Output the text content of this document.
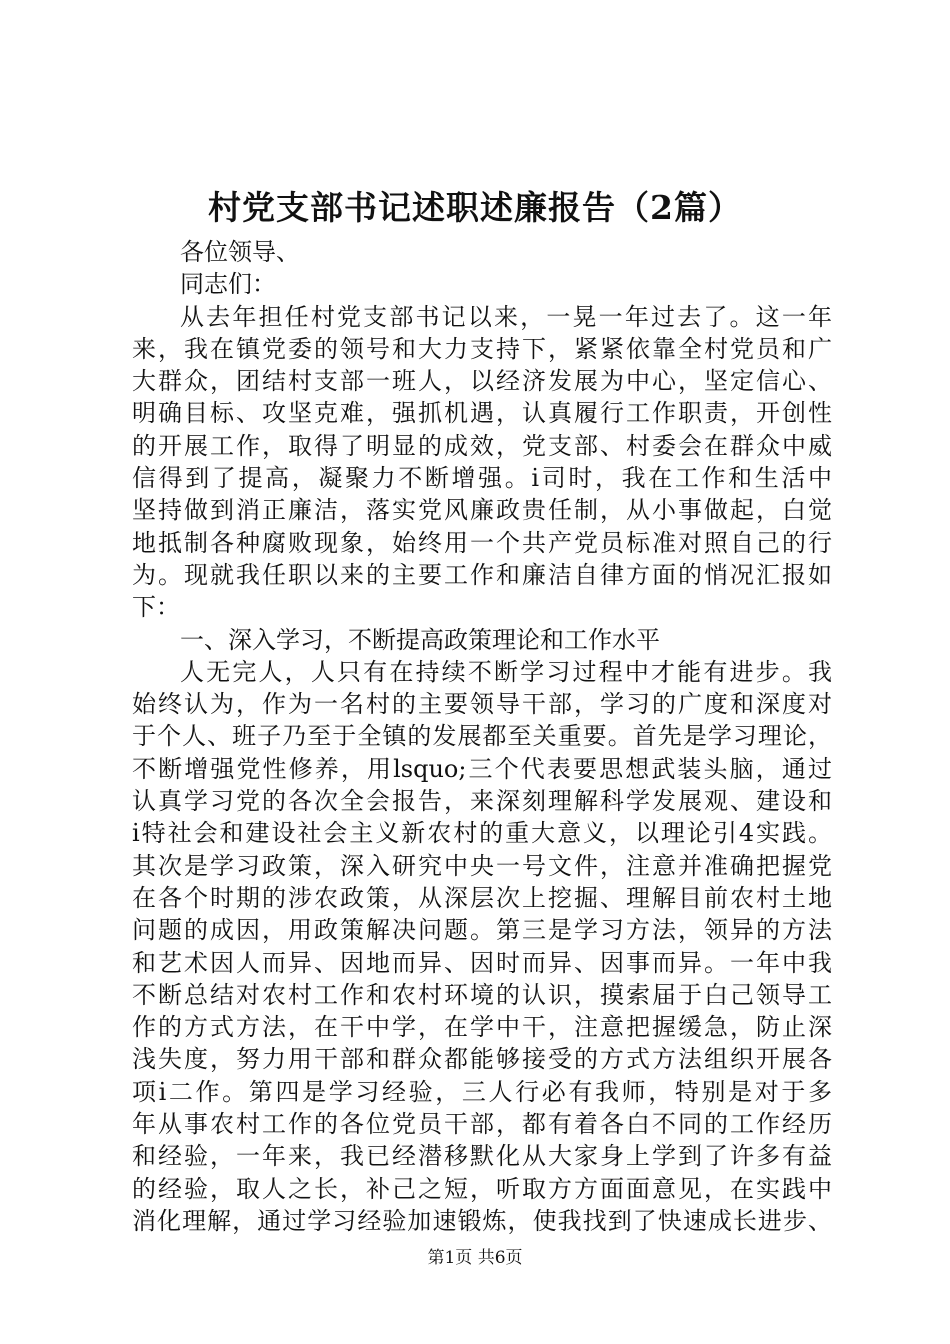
村党支部书记述职述廉报告（2篇）
各位领导、
同志们：
从去年担任村党支部书记以来，一晃一年过去了。这一年
来，我在镇党委的领号和大力支持下，紧紧依靠全村党员和广
大群众，团结村支部一班人，以经济发展为中心，坚定信心、
明确目标、攻坚克难，强抓机遇，认真履行工作职责，开创性
的开展工作，取得了明显的成效，党支部、村委会在群众中威
信得到了提高，凝聚力不断增强。i司时，我在工作和生活中
坚持做到消正廉洁，落实党风廉政贵任制，从小事做起，白觉
地抵制各种腐败现象，始终用一个共产党员标准对照自己的行
为。现就我任职以来的主要工作和廉洁自律方面的悄况汇报如
下：
一、深入学习，不断提高政策理论和工作水平
人无完人，人只有在持续不断学习过程中才能有进步。我
始终认为，作为一名村的主要领导干部，学习的广度和深度对
于个人、班子乃至于全镇的发展都至关重要。首先是学习理论，
不断增强党性修养，用lsquo;三个代表要思想武装头脑，通过
认真学习党的各次全会报告，来深刻理解科学发展观、建设和
i特社会和建设社会主义新农村的重大意义，以理论引4实践。
其次是学习政策，深入研究中央一号文件，注意并准确把握党
在各个时期的涉农政策，从深层次上挖掘、理解目前农村土地
问题的成因，用政策解决问题。第三是学习方法，领异的方法
和艺术因人而异、因地而异、因时而异、因事而异。一年中我
不断总结对农村工作和农村环境的认识，摸索届于白己领导工
作的方式方法，在干中学，在学中干，注意把握缓急，防止深
浅失度，努力用干部和群众都能够接受的方式方法组织开展各
项i二作。第四是学习经验，三人行必有我师，特别是对于多
年从事农村工作的各位党员干部，都有着各白不同的工作经历
和经验，一年来，我已经潜移默化从大家身上学到了许多有益
的经验，取人之长，补己之短，听取方方面面意见，在实践中
消化理解，通过学习经验加速锻炼，使我找到了快速成长进步、
第1页 共6页
